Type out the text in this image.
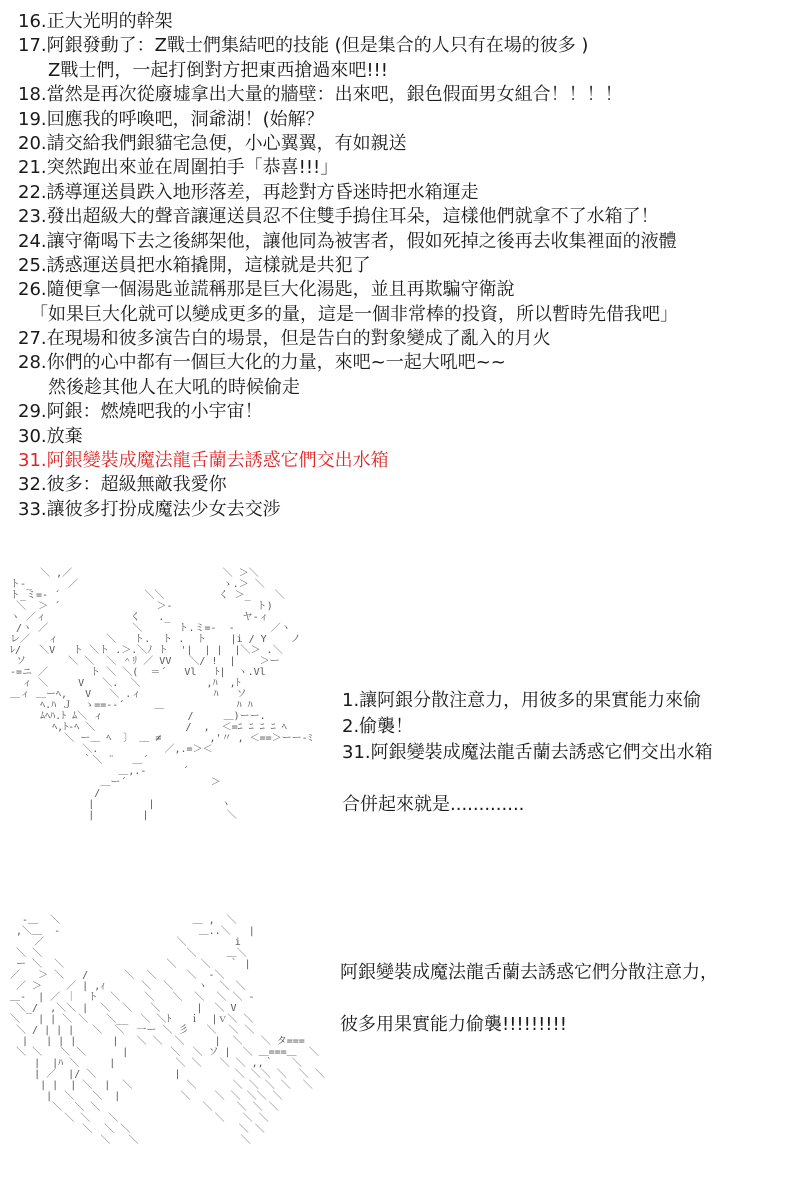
16.正大光明的幹架
17.阿銀發動了：Z戰士們集結吧的技能 (但是集合的人只有在場的彼多 )
Z戰士們，一起打倒對方把東西搶過來吧!!!
18.當然是再次從廢墟拿出大量的牆壁：出來吧，銀色假面男女組合！！！！
19.回應我的呼喚吧，洞爺湖！(始解？
20.請交給我們銀貓宅急便，小心翼翼，有如親送
21.突然跑出來並在周圍拍手「恭喜!!!」
22.誘導運送員跌入地形落差，再趁對方昏迷時把水箱運走
23.發出超級大的聲音讓運送員忍不住雙手摀住耳朵，這樣他們就拿不了水箱了！
24.讓守衛喝下去之後綁架他，讓他同為被害者，假如死掉之後再去收集裡面的液體
25.誘惑運送員把水箱撬開，這樣就是共犯了
26.隨便拿一個湯匙並謊稱那是巨大化湯匙，並且再欺騙守衛說
「如果巨大化就可以變成更多的量，這是一個非常棒的投資，所以暫時先借我吧」
27.在現場和彼多演告白的場景，但是告白的對象變成了亂入的月火
28.你們的心中都有一個巨大化的力量，來吧~一起大吼吧~~
然後趁其他人在大吼的時候偷走
29.阿銀：燃燒吧我的小宇宙！
30.放棄
31.阿銀變裝成魔法龍舌蘭去誘惑它們交出水箱
32.彼多：超級無敵我愛你
33.讓彼多打扮成魔法少女去交涉
＼ ,／                         ＼ ＞＼
ト-_      ／                        ゝ.＞ ＼
ト_ミ=- ´              ＼＼         く ＞_    ＼
＼  ＞ ´                ＞-              ト)
ヽ ／ィ              く   ._            ヤ-ィ
/ヽ ／              ＼      ト.ミ=-  -      ／ヽ
レ／   ィ        ＼   ト.  ト .  ト    |i / Y    ノ
ﾚ/   ＼V   ト ＼ト .＞.＼ﾉ ト  '|  | |  |＼＞ .＼
ソ       ＼ ＼  ＼ ＾ﾘ ／ VV   ＼/ !  |    ＞ー
-=ニ ／       ト ＼ ＼(  ＝´   Vl   ﾄ|  ヽ.Vl
ィ ＼     V   ＼.  ＼           ,ﾊ  ,ﾄ
＿ィ ＿ーﾍ,   V   ＼ .ィ            ﾊ   ソ
ﾍ.ﾊ Ｊ  ゝ==--´     ＿            ﾊ ﾊ
ﾑﾍﾊ.ﾄ ﾑ＼ ィ              /     ＿)ーー.
ﾍ,ﾄ-ﾍ ＼               /  ,  ＜=ﾆ ﾆ ﾆ ﾆ ﾍ
＼ ー＿ ﾍ  〕 ＿ ≠        ,'〃 , ＜==＞ーー-ﾐ
＼.           ／,.=＞＜
｀＼ ¨   ＿´
＿,.-      ´
＿ー´              ＞
/
|         |           ヽ
|        |             ＼

1.讓阿銀分散注意力，用彼多的果實能力來偷
2.偷襲！
31.阿銀變裝成魔法龍舌蘭去誘惑它們交出水箱
合併起來就是.............
-＿  ＼                      ＿ ,  ＼
,＼＿  -                       ＿..＼   |
／                      ＼        i
＼ ＼                        ＼     ＿＼
ー ＼  ＼                 ＼    ＼   ｀ |
／   ＞ ＼   /      ＼  ＼     ＼  -＼
／ ＞    ／ | ,ｨ      ＼  ＼    ヽ  ＼ ＼
＿-  | ／ ｜  ト  ＼    ＼   ＼  ＼  ＼ ＼ -
＼_/  ,＼＼ |  ＼  ＼   ＼      |  ＼ V
＼   | | ＼ ＼   ＼__  ＼ ＼ﾄ   ｉ  |ｖ＼ ＼
＼ / | | |   ＼  ＼  一ー ＼ 彡   ＼  ＼ ＼
|   | | |      |   ＼ ＼  ＼     |  ＼   ＼ タ===
＼ ＼   ＼ ＼      |       ＼  ＼ ソ |  ＼ ＿===＿  ＼
|  |ﾊ ＼     |          ＼ ＼   ＼ ＼ ,,｀   ＼
| ／  |/ ＼             |         ＼ ＼＼ ＼  ＼ ＼
| |  | ＼  |  ＼         ＼      ＼ ＼ ＼ ＼  ＼
|  ＼   ＼  |          ＼    ＼ ＼ ＼＼ ＼
＼  ＼ ＼                 ＼    ＼ ＼ ＼
＼ ＼   ＼                ＼   ＼ ＼
＼  ＼ ＼                  ＼ ＼
＼   ＼                 ＼

阿銀變裝成魔法龍舌蘭去誘惑它們分散注意力，
彼多用果實能力偷襲!!!!!!!!!
